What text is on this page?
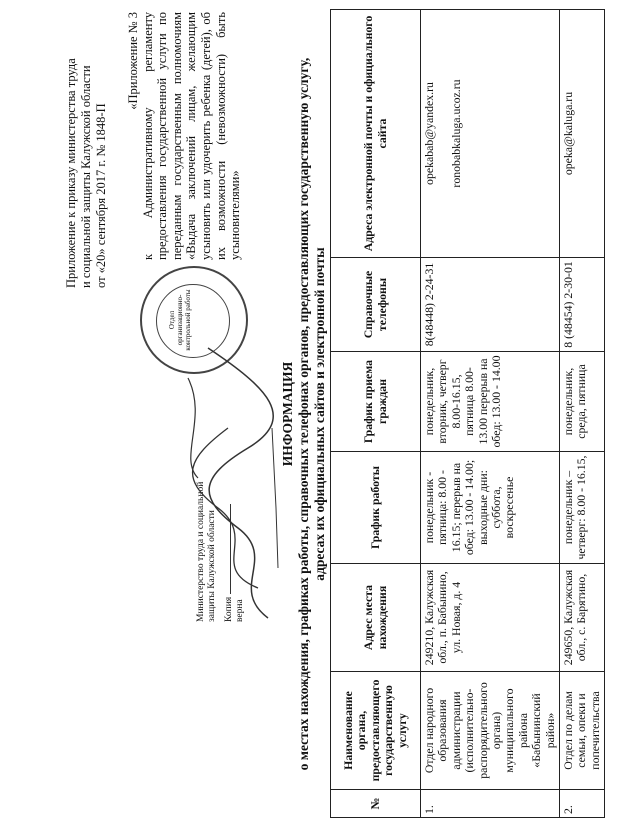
Приложение к приказу министерства труда и социальной защиты Калужской области от «20» сентября 2017 г. № 1848-П
«Приложение № 3 к Административному регламенту предоставления государственной услуги по переданным государственным полномочиям «Выдача заключений лицам, желающим усыновить или удочерить ребенка (детей), об их возможности (невозможности) быть усыновителями»
Отдел организационно-контрольной работы
Министерство труда и социальной защиты Калужской области Копия верна
ИНФОРМАЦИЯ о местах нахождения, графиках работы, справочных телефонах органов, предоставляющих государственную услугу, адресах их официальных сайтов и электронной почты
№	Наименование органа, предоставляющего государственную услугу	Адрес места нахождения	График работы	График приема граждан	Справочные телефоны	Адреса электронной почты и официального сайта
1.	Отдел народного образования администрации (исполнительно-распорядительного органа) муниципального района «Бабынинский район»	249210, Калужская обл., п. Бабынино, ул. Новая, д. 4	понедельник - пятница: 8.00 - 16.15; перерыв на обед: 13.00 - 14.00; выходные дни: суббота, воскресенье	понедельник, вторник, четверг 8.00-16.15, пятница 8.00-13.00 перерыв на обед: 13.00 - 14.00	8(48448) 2-24-31	opekabab@yandex.ru ronobabkaluga.ucoz.ru

2.	Отдел по делам семьи, опеки и попечительства	249650, Калужская обл., с. Барятино,	понедельник – четверг: 8.00 - 16.15,	понедельник, среда, пятница	8 (48454) 2-30-01	opeka@kaluga.ru
